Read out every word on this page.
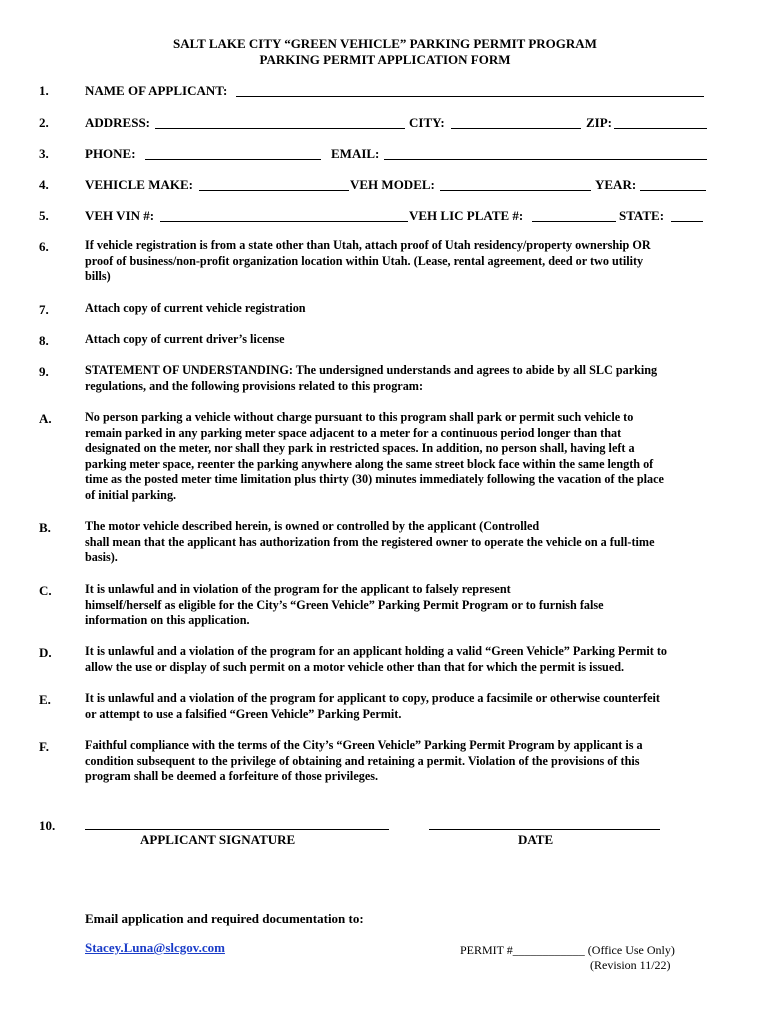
SALT LAKE CITY “GREEN VEHICLE” PARKING PERMIT PROGRAM
PARKING PERMIT APPLICATION FORM
1.	NAME OF APPLICANT:
2.	ADDRESS:	CITY:	ZIP:
3.	PHONE:	EMAIL:
4.	VEHICLE MAKE:	VEH MODEL:	YEAR:
5.	VEH VIN #:	VEH LIC PLATE #:	STATE:
6.	If vehicle registration is from a state other than Utah, attach proof of Utah residency/property ownership OR
proof of business/non-profit organization location within Utah. (Lease, rental agreement, deed or two utility
bills)
7.	Attach copy of current vehicle registration
8.	Attach copy of current driver’s license
9.	STATEMENT OF UNDERSTANDING: The undersigned understands and agrees to abide by all SLC parking
regulations, and the following provisions related to this program:
A.	No person parking a vehicle without charge pursuant to this program shall park or permit such vehicle to
remain parked in any parking meter space adjacent to a meter for a continuous period longer than that
designated on the meter, nor shall they park in restricted spaces. In addition, no person shall, having left a
parking meter space, reenter the parking anywhere along the same street block face within the same length of
time as the posted meter time limitation plus thirty (30) minutes immediately following the vacation of the place
of initial parking.
B.	The motor vehicle described herein, is owned or controlled by the applicant (Controlled
shall mean that the applicant has authorization from the registered owner to operate the vehicle on a full-time
basis).
C.	It is unlawful and in violation of the program for the applicant to falsely represent
himself/herself as eligible for the City’s “Green Vehicle” Parking Permit Program or to furnish false
information on this application.
D.	It is unlawful and a violation of the program for an applicant holding a valid “Green Vehicle” Parking Permit to
allow the use or display of such permit on a motor vehicle other than that for which the permit is issued.
E.	It is unlawful and a violation of the program for applicant to copy, produce a facsimile or otherwise counterfeit
or attempt to use a falsified “Green Vehicle” Parking Permit.
F.	Faithful compliance with the terms of the City’s “Green Vehicle” Parking Permit Program by applicant is a
condition subsequent to the privilege of obtaining and retaining a permit. Violation of the provisions of this
program shall be deemed a forfeiture of those privileges.
10.
APPLICANT SIGNATURE	DATE
Email application and required documentation to:
Stacey.Luna@slcgov.com	PERMIT #____________ (Office Use Only)
(Revision 11/22)
